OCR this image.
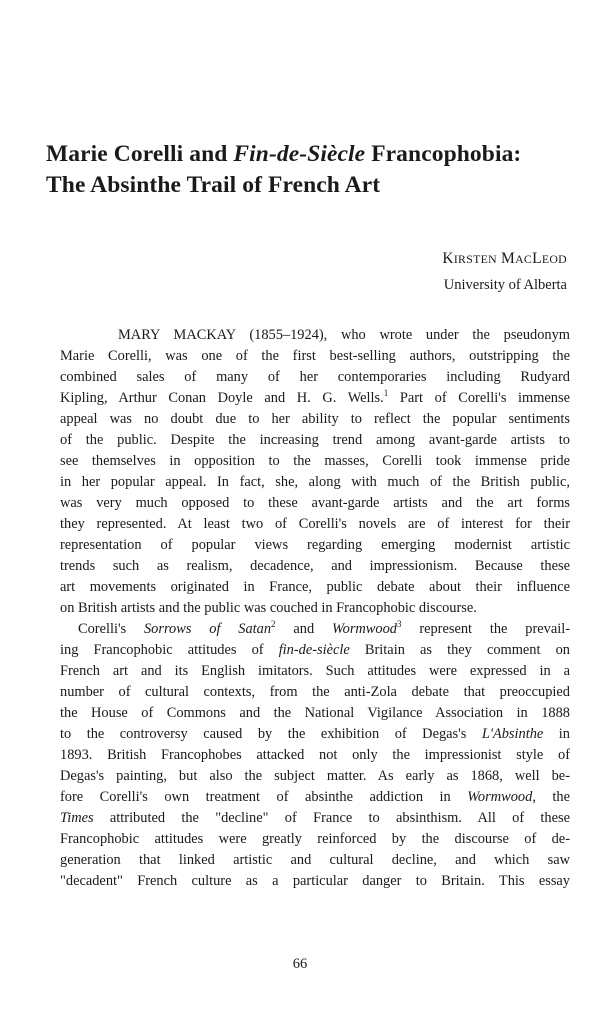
Marie Corelli and Fin-de-Siècle Francophobia:
The Absinthe Trail of French Art
KIRSTEN MACLEOD
University of Alberta
MARY MACKAY (1855–1924), who wrote under the pseudonym
Marie Corelli, was one of the first best-selling authors, outstripping the
combined sales of many of her contemporaries including Rudyard
Kipling, Arthur Conan Doyle and H. G. Wells.$^1$ Part of Corelli's immense
appeal was no doubt due to her ability to reflect the popular sentiments
of the public. Despite the increasing trend among avant-garde artists to
see themselves in opposition to the masses, Corelli took immense pride
in her popular appeal. In fact, she, along with much of the British public,
was very much opposed to these avant-garde artists and the art forms
they represented. At least two of Corelli's novels are of interest for their
representation of popular views regarding emerging modernist artistic
trends such as realism, decadence, and impressionism. Because these
art movements originated in France, public debate about their influence
on British artists and the public was couched in Francophobic discourse.
Corelli's Sorrows of Satan$^2$ and Wormwood$^3$ represent the prevail-
ing Francophobic attitudes of fin-de-siècle Britain as they comment on
French art and its English imitators. Such attitudes were expressed in a
number of cultural contexts, from the anti-Zola debate that preoccupied
the House of Commons and the National Vigilance Association in 1888
to the controversy caused by the exhibition of Degas's L'Absinthe in
1893. British Francophobes attacked not only the impressionist style of
Degas's painting, but also the subject matter. As early as 1868, well be-
fore Corelli's own treatment of absinthe addiction in Wormwood, the
Times attributed the "decline" of France to absinthism. All of these
Francophobic attitudes were greatly reinforced by the discourse of de-
generation that linked artistic and cultural decline, and which saw
"decadent" French culture as a particular danger to Britain. This essay
66
